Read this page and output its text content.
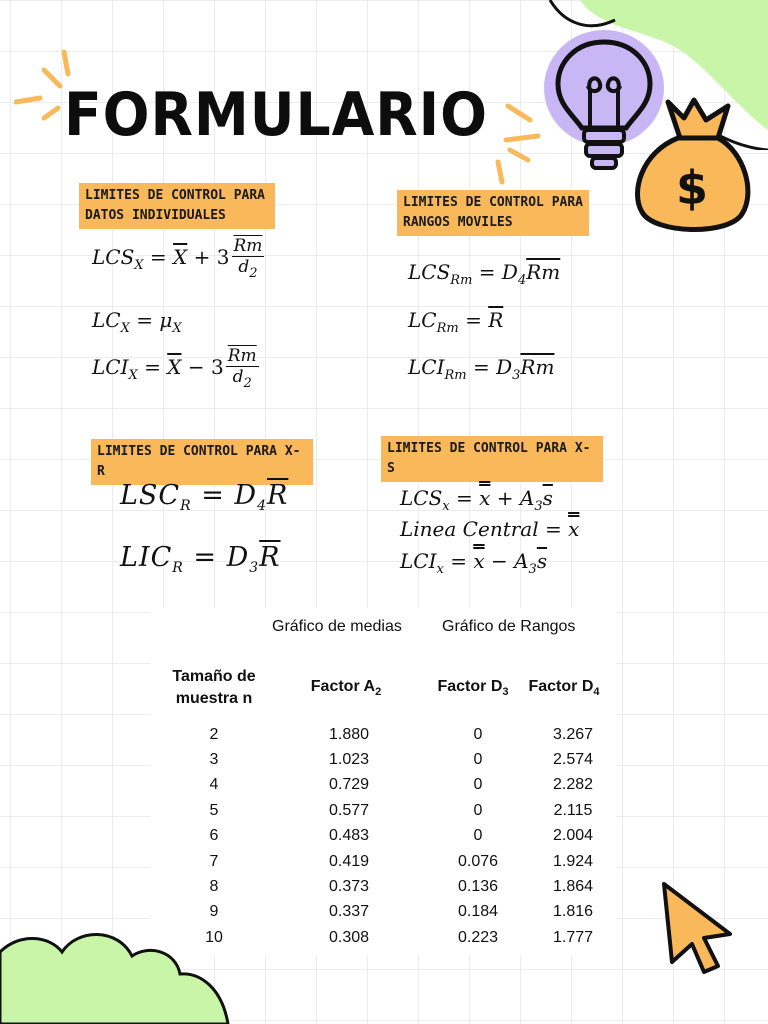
$
FORMULARIO
LIMITES DE CONTROL PARA
DATOS INDIVIDUALES
$LCS_X = \overline{X} + 3 \frac{\overline{Rm}}{d_2}$
$LC_X = \mu_X$
$LCI_X = \overline{X} - 3 \frac{\overline{Rm}}{d_2}$
LIMITES DE CONTROL PARA
RANGOS MOVILES
$LCS_{Rm} = D_4\overline{Rm}$
$LC_{Rm} = \overline{R}$
$LCI_{Rm} = D_3\overline{Rm}$
LIMITES DE CONTROL PARA X-R
$LSC_R = D_4\overline{R}$
$LIC_R = D_3\overline{R}$
LIMITES DE CONTROL PARA X-S
$LCS_x = x + A_3\overline{s}$
Linea Central = x
$LCI_x = x - A_3\overline{s}$
Gráfico de medias	Gráfico de Rangos
Tamaño de
muestra n
Factor $A_2$	Factor $D_3$	Factor $D_4$
2	1.880	0	3.267
3	1.023	0	2.574
4	0.729	0	2.282
5	0.577	0	2.115
6	0.483	0	2.004
7	0.419	0.076	1.924
8	0.373	0.136	1.864
9	0.337	0.184	1.816
10	0.308	0.223	1.777
